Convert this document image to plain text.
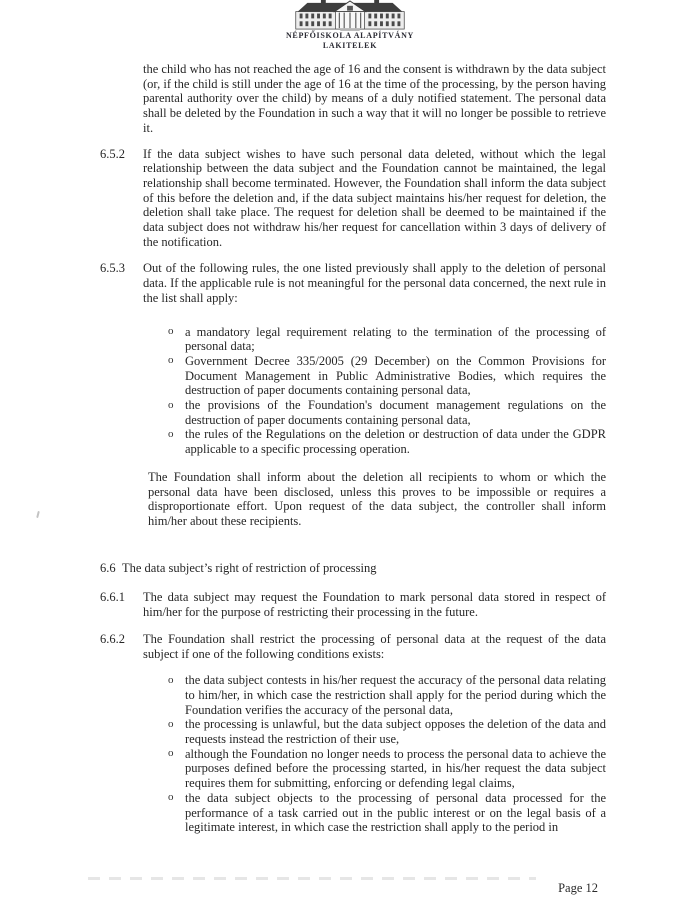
NÉPFŐISKOLA ALAPÍTVÁNY
LAKITELEK

the child who has not reached the age of 16 and the consent is withdrawn by the data subject (or, if the child is still under the age of 16 at the time of the processing, by the person having parental authority over the child) by means of a duly notified statement. The personal data shall be deleted by the Foundation in such a way that it will no longer be possible to retrieve it.

6.5.2	If the data subject wishes to have such personal data deleted, without which the legal relationship between the data subject and the Foundation cannot be maintained, the legal relationship shall become terminated. However, the Foundation shall inform the data subject of this before the deletion and, if the data subject maintains his/her request for deletion, the deletion shall take place. The request for deletion shall be deemed to be maintained if the data subject does not withdraw his/her request for cancellation within 3 days of delivery of the notification.
6.5.3	Out of the following rules, the one listed previously shall apply to the deletion of personal data. If the applicable rule is not meaningful for the personal data concerned, the next rule in the list shall apply:
o a mandatory legal requirement relating to the termination of the processing of personal data;
o Government Decree 335/2005 (29 December) on the Common Provisions for Document Management in Public Administrative Bodies, which requires the destruction of paper documents containing personal data,
o the provisions of the Foundation's document management regulations on the destruction of paper documents containing personal data,
o the rules of the Regulations on the deletion or destruction of data under the GDPR applicable to a specific processing operation.

The Foundation shall inform about the deletion all recipients to whom or which the personal data have been disclosed, unless this proves to be impossible or requires a disproportionate effort. Upon request of the data subject, the controller shall inform him/her about these recipients.

6.6 The data subject’s right of restriction of processing
6.6.1	The data subject may request the Foundation to mark personal data stored in respect of him/her for the purpose of restricting their processing in the future.
6.6.2	The Foundation shall restrict the processing of personal data at the request of the data subject if one of the following conditions exists:
o the data subject contests in his/her request the accuracy of the personal data relating to him/her, in which case the restriction shall apply for the period during which the Foundation verifies the accuracy of the personal data,
o the processing is unlawful, but the data subject opposes the deletion of the data and requests instead the restriction of their use,
o although the Foundation no longer needs to process the personal data to achieve the purposes defined before the processing started, in his/her request the data subject requires them for submitting, enforcing or defending legal claims,
o the data subject objects to the processing of personal data processed for the performance of a task carried out in the public interest or on the legal basis of a legitimate interest, in which case the restriction shall apply to the period in
Page 12
